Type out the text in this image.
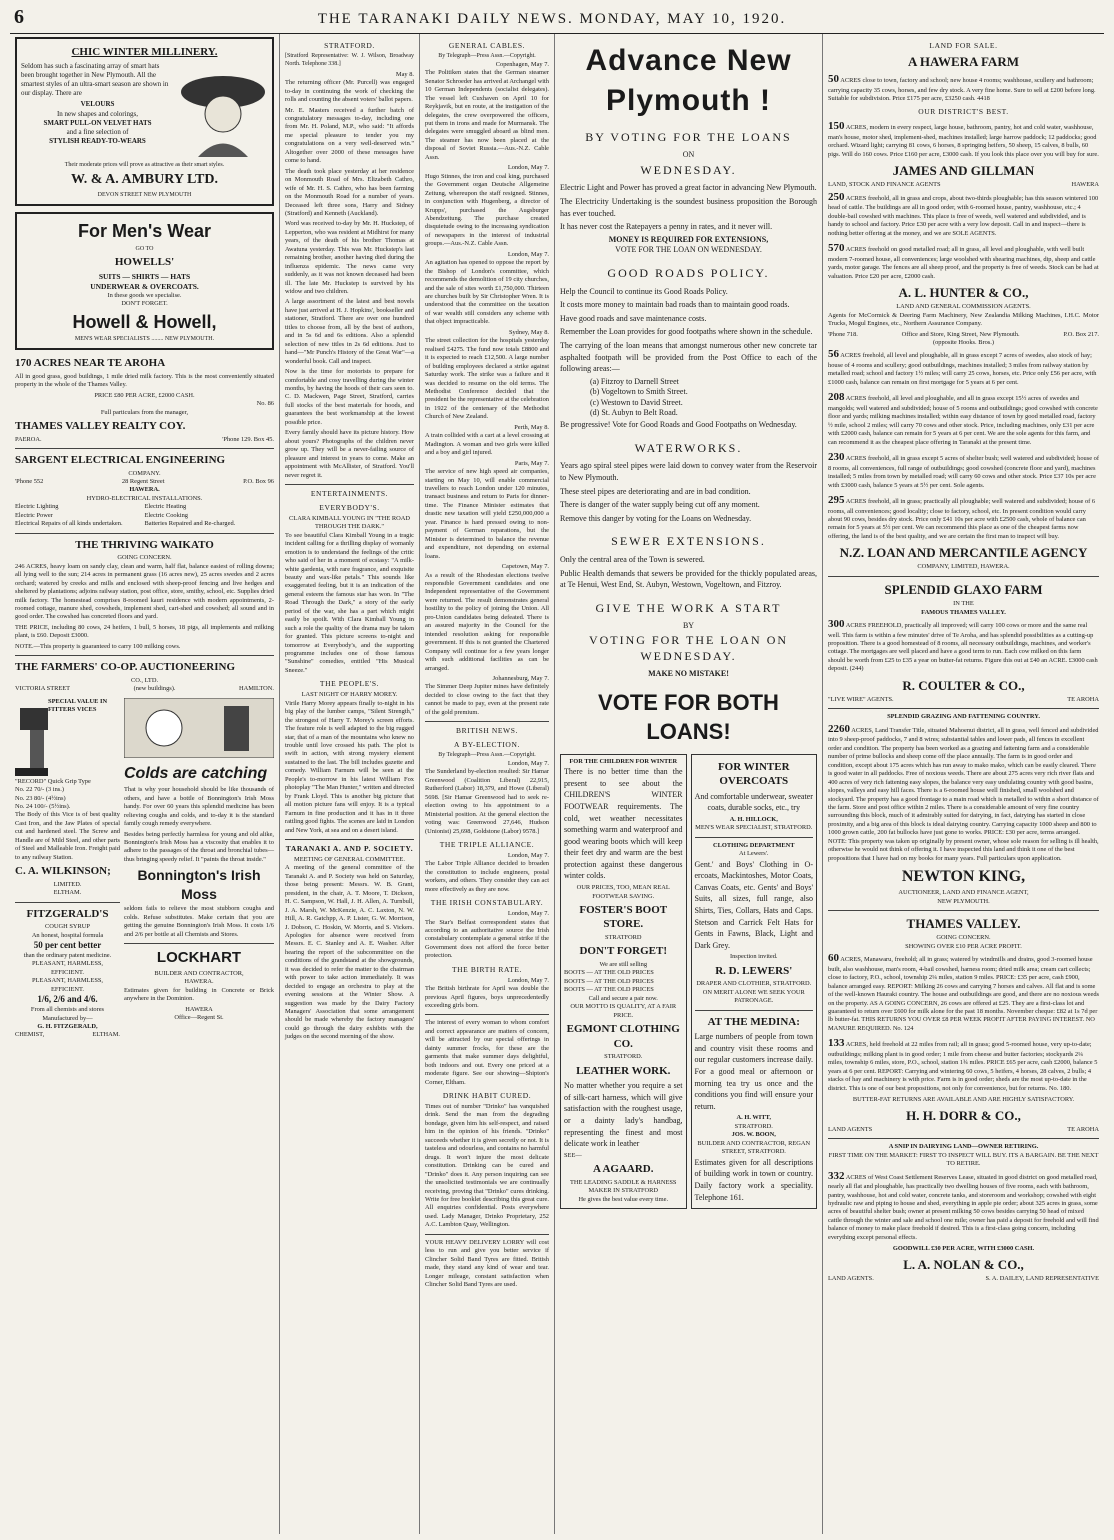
6	THE TARANAKI DAILY NEWS. MONDAY, MAY 10, 1920.
CHIC WINTER MILLINERY.

Seldom has such a fascinating array of smart hats been brought together in New Plymouth. All the smartest styles of an ultra-smart season are shown in our display. There are

VELOURS
In new shapes and colorings,
SMART PULL-ON VELVET HATS
and a fine selection of
STYLISH READY-TO-WEARS

Their moderate prices will prove as attractive as their smart styles.

W. & A. AMBURY LTD.
DEVON STREET NEW PLYMOUTH
For Men's Wear
GO TO
HOWELLS'
SUITS — SHIRTS — HATS
UNDERWEAR & OVERCOATS.
In these goods we specialise.
DON'T FORGET.
Howell & Howell,
MEN'S WEAR SPECIALISTS ........ NEW PLYMOUTH.
170 ACRES NEAR TE AROHA

All in good grass, good buildings, 1 mile dried milk factory. This is the most conveniently situated property in the whole of the Thames Valley.

PRICE £80 PER ACRE, £2000 CASH.
No. 86
Full particulars from the manager,
THAMES VALLEY REALTY COY.
PAEROA.	'Phone 129. Box 45.
SARGENT ELECTRICAL ENGINEERING
COMPANY.
'Phone 552	28 Regent Street	P.O. Box 96
HAWERA.
HYDRO-ELECTRICAL INSTALLATIONS.
Electric Lighting	Electric Heating
Electric Power	Electric Cooking
Electrical Repairs of all kinds undertaken.	Batteries Repaired and Re-charged.
THE THRIVING WAIKATO
GOING CONCERN.

246 ACRES, heavy loam on sandy clay, clean and warm, half flat, balance easiest of rolling downs; all lying well to the sun; 214 acres in permanent grass (16 acres new), 25 acres swedes and 2 acres orchard; watered by creeks and mills and enclosed with sheep-proof fencing and live hedges and sheltered by plantations; adjoins railway station, post office, store, smithy, school, etc. Supplies dried milk factory. The homestead comprises 8-roomed kauri residence with modern appointments, 2-roomed cottage, manure shed, cowsheds, implement shed, cart-shed and cowshed; all sound and in good order. The cowshed has concreted floors and yard.

THE PRICE, including 80 cows, 24 heifers, 1 bull, 5 horses, 18 pigs, all implements and milking plant, is £60. Deposit £3000.

NOTE.—This property is guaranteed to carry 100 milking cows.

THE FARMERS' CO-OP. AUCTIONEERING
CO., LTD.
VICTORIA STREET	(new buildings).	HAMILTON.
SPECIAL VALUE IN FITTERS VICES
"RECORD" Quick Grip Type
No. 22 70/- (3 ins.)
No. 23 80/- (4½ins)
No. 24 100/- (5½ins).

The Body of this Vice is of best quality Cast Iron, and the Jaw Plates of special cut and hardened steel. The Screw and Handle are of Mild Steel, and other parts of Steel and Malleable Iron. Freight paid to any railway Station.

C. A. WILKINSON;
LIMITED.
ELTHAM.
FITZGERALD'S
COUGH SYRUP
An honest, hospital formula
50 per cent better
than the ordinary patent medicine.
PLEASANT, HARMLESS, EFFICIENT.
PLEASANT, HARMLESS, EFFICIENT.
1/6, 2/6 and 4/6.
From all chemists and stores
Manufactured by—
G. H. FITZGERALD,
CHEMIST,	ELTHAM.
Colds are catching

That is why your household should be like thousands of others, and have a bottle of Bonnington's Irish Moss handy. For over 60 years this splendid medicine has been relieving coughs and colds, and to-day it is the standard family cough remedy everywhere.

Besides being perfectly harmless for young and old alike, Bonnington's Irish Moss has a viscosity that enables it to adhere to the passages of the throat and bronchial tubes—thus bringing speedy relief. It "paints the throat inside."

Bonnington's Irish Moss

seldom fails to relieve the most stubborn coughs and colds. Refuse substitutes. Make certain that you are getting the genuine Bonnington's Irish Moss. It costs 1/6 and 2/6 per bottle at all Chemists and Stores.

LOCKHART
BUILDER AND CONTRACTOR,
HAWERA.

Estimates given for building in Concrete or Brick anywhere in the Dominion.

HAWERA
Office—Regent St.
STRATFORD.

[Stratford Representative: W. J. Wilson, Broadway North. Telephone 338.]

May 8.

The returning officer (Mr. Purcell) was engaged to-day in continuing the work of checking the rolls and counting the absent voters' ballot papers.

Mr. E. Masters received a further batch of congratulatory messages to-day, including one from Mr. H. Poland, M.P., who said: "It affords me special pleasure to tender you my congratulations on a very well-deserved win." Altogether over 2000 of these messages have come to hand.

The death took place yesterday at her residence on Monmouth Road of Mrs. Elizabeth Cathro, wife of Mr. H. S. Cathro, who has been farming on the Monmouth Road for a number of years. Deceased left three sons, Harry and Sidney (Stratford) and Kenneth (Auckland).

Word was received to-day by Mr. H. Huckstep, of Lepperton, who was resident at Midhirst for many years, of the death of his brother Thomas at Awatuna yesterday. This was Mr. Huckstep's last remaining brother, another having died during the influenza epidemic. The news came very suddenly, as it was not known deceased had been ill. The late Mr. Huckstep is survived by his widow and two children.

A large assortment of the latest and best novels have just arrived at H. J. Hopkins', bookseller and stationer, Stratford. There are over one hundred titles to choose from, all by the best of authors, and in 5s 6d and 6s editions. Also a splendid selection of new titles in 2s 6d editions. Just to hand—"Mr Punch's History of the Great War"—a wonderful book. Call and inspect.

Now is the time for motorists to prepare for comfortable and cosy travelling during the winter months, by having the hoods of their cars seen to. C. D. Mackwen, Page Street, Stratford, carries full stocks of the best materials for hoods, and guarantees the best workmanship at the lowest possible price.

Every family should have its picture history. How about yours? Photographs of the children never grow up. They will be a never-failing source of pleasure and interest in years to come. Make an appointment with McAllister, of Stratford. You'll never regret it.

ENTERTAINMENTS.
EVERYBODY'S.
CLARA KIMBALL YOUNG IN "THE ROAD THROUGH THE DARK."

To see beautiful Clara Kimball Young in a tragic incident calling for a thrilling display of womanly emotion is to understand the feelings of the critic who said of her in a moment of ecstasy: "A milk-white gardenia, with rare fragrance, and exquisite beauty and wax-like petals." This sounds like exaggerated feeling, but it is an indication of the general esteem the famous star has won. In "The Road Through the Dark," a story of the early period of the war, she has a part which might easily be spoilt. With Clara Kimball Young in such a role the quality of the drama may be taken for granted. This picture screens to-night and tomorrow at Everybody's, and the supporting programme includes one of those famous "Sunshine" comedies, entitled "His Musical Sneeze."

THE PEOPLE'S.
LAST NIGHT OF HARRY MOREY.

Virile Harry Morey appears finally to-night in his big play of the lumber camps, "Silent Strength," the strongest of Harry T. Morey's screen efforts. The feature role is well adapted to the big rugged star, that of a man of the mountains who knew no trouble until love crossed his path. The plot is swift in action, with strong mystery element sustained to the last. The bill includes gazette and comedy. William Farnum will be seen at the People's to-morrow in his latest William Fox photoplay "The Man Hunter," written and directed by Frank Lloyd. This is another big picture that all motion picture fans will enjoy. It is a typical Farnum in fine production and it has in it three rattling good fights. The scenes are laid in London and New York, at sea and on a desert island.

TARANAKI A. AND P. SOCIETY.
MEETING OF GENERAL COMMITTEE.

A meeting of the general committee of the Taranaki A. and P. Society was held on Saturday, those being present: Messrs. W. B. Grant, president, in the chair, A. T. Moore, T. Dickson, H. C. Sampson, W. Hall, J. H. Allen, A. Turnbull, J. A. Marsh, W. McKenzie, A. C. Laxton, N. W. Hill, A. R. Gatchpp, A. P. Lister, G. W. Morrison, J. Dobson, C. Hoskin, W. Morris, and S. Vickers. Apologies for absence were received from Messrs. E. C. Stanley and A. E. Washer. After hearing the report of the subcommittee on the conditions of the grandstand at the showgrounds, it was decided to refer the matter to the chairman with power to take action immediately. It was decided to engage an orchestra to play at the evening sessions at the Winter Show. A suggestion was made by the Dairy Factory Managers' Association that some arrangement should be made whereby the factory managers' could go through the dairy exhibits with the judges on the second morning of the show.

GENERAL CABLES.
By Telegraph—Press Assn.—Copyright.
Copenhagen, May 7.

The Politiken states that the German steamer Senator Schroeder has arrived at Archangel with 10 German Independents (socialist delegates). The vessel left Cuxhaven on April 10 for Reykjavik, but en route, at the instigation of the delegates, the crew overpowered the officers, put them in irons and made for Murmansk. The delegates were smuggled aboard as blind men. The steamer has now been placed at the disposal of Soviet Russia.—Aus.-N.Z. Cable Assn.

London, May 7.

Hugo Stinnes, the iron and coal king, purchased the Government organ Deutsche Allgemeine Zeitung, whereupon the staff resigned. Stinnes, in conjunction with Hugenberg, a director of Krupps', purchased the Augsburger Abendzeitung. The purchase created disquietude owing to the increasing syndication of newspapers in the interest of industrial groups.—Aus.-N.Z. Cable Assn.

London, May 7.

An agitation has opened to oppose the report by the Bishop of London's committee, which recommends the demolition of 19 city churches, and the sale of sites worth £1,750,000. Thirteen are churches built by Sir Christopher Wren. It is understood that the committee on the taxation of war wealth still considers any scheme with that object impracticable.

Sydney, May 8.

The street collection for the hospitals yesterday realised £4275. The fund now totals £8800 and it is expected to reach £12,500. A large number of building employees declared a strike against Saturday work. The strike was a failure and it was decided to resume on the old terms. The Methodist Conference decided that the president be the representative at the celebration in 1922 of the centenary of the Methodist Church of New Zealand.

Perth, May 8.

A train collided with a cart at a level crossing at Madington. A woman and two girls were killed and a boy and girl injured.

Paris, May 7.

The service of new high speed air companies, starting on May 10, will enable commercial travellers to reach London under 120 minutes, transact business and return to Paris for dinner-time. The Finance Minister estimates that drastic new taxation will yield £250,000,000 a year. Finance is hard pressed owing to non-payment of German reparations, but the Minister is determined to balance the revenue and expenditure, not depending on external loans.

Capetown, May 7.

As a result of the Rhodesian elections twelve responsible Government candidates and one Independent representative of the Government were returned. The result demonstrates general hostility to the policy of joining the Union. All pro-Union candidates being defeated. There is an assured majority in the Council for the intended resolution asking for responsible government. If this is not granted the Chartered Company will continue for a few years longer with such additional facilities as can be arranged.

Johannesburg, May 7.

The Simmer Deep Jupiter mines have definitely decided to close owing to the fact that they cannot be made to pay, even at the present rate of the gold premium.

BRITISH NEWS.
A BY-ELECTION.
By Telegraph—Press Assn.—Copyright.
London, May 7.

The Sunderland by-election resulted: Sir Hamar Greenwood (Coalition Liberal) 22,915, Rutherford (Labor) 18,379, and Howe (Liberal) 5698. [Sir Hamar Greenwood had to seek re-election owing to his appointment to a Ministerial position. At the general election the voting was: Greenwood 27,646, Hudson (Unionist) 25,698, Goldstone (Labor) 9578.]

THE TRIPLE ALLIANCE.
London, May 7.

The Labor Triple Alliance decided to broaden the constitution to include engineers, postal workers, and others. They consider they can act more effectively as they are now.

THE IRISH CONSTABULARY.
London, May 7.

The Star's Belfast correspondent states that according to an authoritative source the Irish constabulary contemplate a general strike if the Government does not afford the force better protection.

THE BIRTH RATE.
London, May 7.

The British birthrate for April was double the previous April figures, boys unprecedentedly exceeding girls born.

The interest of every woman to whom comfort and correct appearance are matters of concern, will be attracted by our special offerings in dainty summer frocks, for these are the garments that make summer days delightful, both indoors and out. Every one priced at a moderate figure. See our showing—Shipton's Corner, Eltham.

DRINK HABIT CURED.

Times out of number "Drinko" has vanquished drink. Send the man from the degrading bondage, given him his self-respect, and raised him in the opinion of his friends. "Drinko" succeeds whether it is given secretly or not. It is tasteless and odourless, and contains no harmful drugs. It won't injure the most delicate constitution. Drinking can be cured and "Drinko" does it. Any person inquiring can see the unsolicited testimonials we are continually receiving, proving that "Drinko" cures drinking. Write for free booklet describing this great cure. All enquiries confidential. Posts everywhere used. Lady Manager, Drinko Proprietary, 252 A.C. Lambton Quay, Wellington.

YOUR HEAVY DELIVERY LORRY will cost less to run and give you better service if Clincher Solid Band Tyres are fitted. British made, they stand any kind of wear and tear. Longer mileage, constant satisfaction when Clincher Solid Band Tyres are used.

Advance New Plymouth !
BY VOTING FOR THE LOANS
ON
WEDNESDAY.

Electric Light and Power has proved a great factor in advancing New Plymouth.

The Electricity Undertaking is the soundest business proposition the Borough has ever touched.

It has never cost the Ratepayers a penny in rates, and it never will.

MONEY IS REQUIRED FOR EXTENSIONS,
VOTE FOR THE LOAN ON WEDNESDAY.
GOOD ROADS POLICY.

Help the Council to continue its Good Roads Policy.

It costs more money to maintain bad roads than to maintain good roads.

Have good roads and save maintenance costs.

Remember the Loan provides for good footpaths where shown in the schedule.

The carrying of the loan means that amongst numerous other new concrete tar asphalted footpath will be provided from the Post Office to each of the following areas:—

(a) Fitzroy to Darnell Street
(b) Vogeltown to Smith Street.
(c) Westown to David Street.
(d) St. Aubyn to Belt Road.

Be progressive! Vote for Good Roads and Good Footpaths on Wednesday.

WATERWORKS.

Years ago spiral steel pipes were laid down to convey water from the Reservoir to New Plymouth.

These steel pipes are deteriorating and are in bad condition.

There is danger of the water supply being cut off any moment.

Remove this danger by voting for the Loans on Wednesday.

SEWER EXTENSIONS.

Only the central area of the Town is sewered.

Public Health demands that sewers be provided for the thickly populated areas, at Te Henui, West End, St. Aubyn, Westown, Vogeltown, and Fitzroy.

GIVE THE WORK A START
BY
VOTING FOR THE LOAN ON WEDNESDAY.
MAKE NO MISTAKE!
VOTE FOR BOTH LOANS!
FOR THE CHILDREN FOR WINTER

There is no better time than the present to see about the CHILDREN'S WINTER FOOTWEAR requirements. The cold, wet weather necessitates something warm and waterproof and good wearing boots which will keep their feet dry and warm are the best protection against these dangerous winter colds.

OUR PRICES, TOO, MEAN REAL FOOTWEAR SAVING.
FOSTER'S BOOT STORE.
STRATFORD
DON'T FORGET!
We are still selling
BOOTS — AT THE OLD PRICES
BOOTS — AT THE OLD PRICES
BOOTS — AT THE OLD PRICES
Call and secure a pair now.
OUR MOTTO IS QUALITY, AT A FAIR PRICE.
EGMONT CLOTHING CO.
STRATFORD.
LEATHER WORK.

No matter whether you require a set of silk-cart harness, which will give satisfaction with the roughest usage, or a dainty lady's handbag, representing the finest and most delicate work in leather

SEE—
A AGAARD.
THE LEADING SADDLE & HARNESS MAKER IN STRATFORD
He gives the best value every time.
FOR WINTER OVERCOATS

And comfortable underwear, sweater coats, durable socks, etc., try

A. H. HILLOCK,
MEN'S WEAR SPECIALIST, STRATFORD.
CLOTHING DEPARTMENT
At Lewers'.

Gent.' and Boys' Clothing in O-ercoats, Mackintoshes, Motor Coats, Canvas Coats, etc. Gents' and Boys' Suits, all sizes, full range, also Shirts, Ties, Collars, Hats and Caps. Stetson and Carrick Felt Hats for Gents in Fawns, Black, Light and Dark Grey.

Inspection invited.
R. D. LEWERS'
DRAPER AND CLOTHIER, STRATFORD.
ON MERIT ALONE WE SEEK YOUR PATRONAGE.
AT THE MEDINA:

Large numbers of people from town and country visit these rooms and our regular customers increase daily. For a good meal or afternoon or morning tea try us once and the conditions you find will ensure your return.

A. H. WITT,
STRATFORD.
JOS. W. BOON,
BUILDER AND CONTRACTOR, REGAN STREET, STRATFORD.

Estimates given for all descriptions of building work in town or country. Daily factory work a speciality. Telephone 161.

LAND FOR SALE.
A HAWERA FARM
50 ACRES close to town, factory and school; new house 4 rooms; washhouse, scullery and bathroom; carrying capacity 35 cows, horses, and few dry stock. A very fine home. Sure to sell at £200 before long. Suitable for subdivision. Price £175 per acre, £3250 cash. 4418
OUR DISTRICT'S BEST.
150 ACRES, modern in every respect, large house, bathroom, pantry, hot and cold water, washhouse, man's house, motor shed, implement-shed, machines installed; large harrow paddock; 12 paddocks; good orchard. Wizard light; carrying 81 cows, 6 horses, 8 springing heifers, 50 sheep, 15 calves, 8 bulls, 60 pigs. Will do 160 cows. Price £160 per acre, £3000 cash. If you look this place over you will buy for sure.
JAMES AND GILLMAN
LAND, STOCK AND FINANCE AGENTS	HAWERA
250 ACRES freehold, all in grass and crops, about two-thirds ploughable; has this season wintered 100 head of cattle. The buildings are all in good order, with 6-roomed house, pantry, washhouse, etc.; 4 double-bail cowshed with machines. This place is free of weeds, well watered and subdivided, and is handy to school and factory. Price £30 per acre with a very low deposit. Call in and inspect—there is nothing better offering at the money, and we are SOLE AGENTS.
570 ACRES freehold on good metalled road; all in grass, all level and ploughable, with well built modern 7-roomed house, all conveniences; large woolshed with shearing machines, dip, sheep and cattle yards, motor garage. The fences are all sheep proof, and the property is free of weeds. Stock can be had at valuation. Price £20 per acre, £2000 cash.
A. L. HUNTER & CO.,
LAND AND GENERAL COMMISSION AGENTS.

Agents for McCormick & Deering Farm Machinery, New Zealandia Milking Machines, I.H.C. Motor Trucks, Mogul Engines, etc., Northern Assurance Company.

'Phone 718.	Office and Store, King Street, New Plymouth.	P.O. Box 217.
(opposite Hooks. Bros.)
56 ACRES freehold, all level and ploughable, all in grass except 7 acres of swedes, also stock of hay; house of 4 rooms and scullery; good outbuildings, machines installed; 3 miles from railway station by metalled road; school and factory 1½ miles; will carry 25 cows, horses, etc. Price only £56 per acre, with £1000 cash, balance can remain on first mortgage for 5 years at 6 per cent.
208 ACRES freehold, all level and ploughable, and all in grass except 15½ acres of swedes and mangolds; well watered and subdivided; house of 5 rooms and outbuildings; good cowshed with concrete floor and yards; milking machines installed; within easy distance of town by good metalled road, factory ½ mile, school 2 miles; will carry 70 cows and other stock. Price, including machines, only £31 per acre with £2000 cash, balance can remain for 5 years at 6 per cent. We are the sole agents for this farm, and can recommend it as the cheapest place offering in Taranaki at the present time.
230 ACRES freehold, all in grass except 5 acres of shelter bush; well watered and subdivided; house of 8 rooms, all conveniences, full range of outbuildings; good cowshed (concrete floor and yard), machines installed; 5 miles from town by metalled road; will carry 60 cows and other stock. Price £37 10s per acre with £3000 cash, balance 5 years at 5½ per cent. Sole agents.
295 ACRES freehold, all in grass; practically all ploughable; well watered and subdivided; house of 6 rooms, all conveniences; good locality; close to factory, school, etc. In present condition would carry about 90 cows, besides dry stock. Price only £41 10s per acre with £2500 cash, whole of balance can remain for 5 years at 5½ per cent. We can recommend this place as one of the cheapest farms now offering, the land is of the best quality, and we are certain the first man to inspect will buy.
N.Z. LOAN AND MERCANTILE AGENCY
COMPANY, LIMITED, HAWERA.
SPLENDID GLAXO FARM
IN THE
FAMOUS THAMES VALLEY.
300 ACRES FREEHOLD, practically all improved; will carry 100 cows or more and the same real well. This farm is within a few minutes' drive of Te Aroha, and has splendid possibilities as a cutting-up proposition. There is a good homestead of 8 rooms, all necessary outbuildings, machines, and worker's cottage. The mortgages are well placed and have a good term to run. Each cow milked on this farm should be worth from £25 to £35 a year on butter-fat returns. Figure this out at £40 an ACRE. £3000 cash deposit. (244)
R. COULTER & CO.,
"LIVE WIRE" AGENTS.	TE AROHA
SPLENDID GRAZING AND FATTENING COUNTRY.
2260 ACRES, Land Transfer Title, situated Mahoenui district, all in grass, well fenced and subdivided into 9 sheep-proof paddocks, 7 and 8 wires; substantial tables and lower pads, all fences in excellent order and condition. The property has been worked as a grazing and fattening farm and a considerable number of prime bullocks and sheep come off the place annually. The farm is in good order and condition, except about 175 acres which has run away to mako mako, which can be easily cleared. There is good water in all paddocks. Free of noxious weeds. There are about 275 acres very rich river flats and 400 acres of very rich fattening easy slopes, the balance very easy undulating country with good basins, slopes, valleys and easy hill faces. There is a 6-roomed house well finished, small woolshed and stockyard. The property has a good frontage to a main road which is metalled to within a short distance of the farm. Store and post office within 2 miles. There is a considerable amount of very fine country surrounding this block, much of it admirably suited for dairying, in fact, dairying has started in close proximity, and a big area of this block is ideal dairying country. Carrying capacity 1000 sheep and 800 to 1000 grown cattle, 200 fat bullocks have just gone to works. PRICE: £30 per acre, terms arranged. NOTE: This property was taken up originally by present owner, whose sole reason for selling is ill health, otherwise he would not think of offering it. I have inspected this land and think it one of the best propositions that I have had on my books for many years. Full particulars upon application.
NEWTON KING,
AUCTIONEER, LAND AND FINANCE AGENT,
NEW PLYMOUTH.
THAMES VALLEY.
GOING CONCERN.
SHOWING OVER £10 PER ACRE PROFIT.
60 ACRES, Manawaru, freehold; all in grass; watered by windmills and drains, good 3-roomed house built, also washhouse, man's room, 4-bail cowshed, harness room; dried milk area; cream cart collects; close to factory, P.O., school, township 2¼ miles, station 9 miles. PRICE: £35 per acre, cash £900, balance arranged easy. REPORT: Milking 26 cows and carrying 7 horses and calves. All flat and is some of the well-known Hauraki country. The house and outbuildings are good, and there are no noxious weeds on the property. AS A GOING CONCERN, 26 cows are offered at £25. They are a first-class lot and guaranteed to return over £600 for milk alone for the past 18 months. November cheque: £82 at 1s 7d per lb butter-fat. THIS RETURNS YOU OVER £8 PER WEEK PROFIT AFTER PAYING INTEREST. NO MANURE REQUIRED. No. 124
133 ACRES, held freehold at 22 miles from rail; all in grass; good 5-roomed house, very up-to-date; outbuildings; milking plant is in good order; 1 mile from cheese and butter factories; stockyards 2¼ miles, township 6 miles, store, P.O., school, station 1¾ miles. PRICE £65 per acre, cash £2000, balance 5 years at 6 per cent. REPORT: Carrying and wintering 60 cows, 5 heifers, 4 horses, 28 calves, 2 bulls; 4 stacks of hay and machinery is with price. Farm is in good order; sheds are the most up-to-date in the district. This is one of our best propositions, not only for convenience, but for returns. No. 180.
BUTTER-FAT RETURNS ARE AVAILABLE AND ARE HIGHLY SATISFACTORY.
H. H. DORR & CO.,
LAND AGENTS	TE AROHA
A SNIP IN DAIRYING LAND—OWNER RETIRING.
FIRST TIME ON THE MARKET: FIRST TO INSPECT WILL BUY. ITS A BARGAIN. BE THE NEXT TO RETIRE.
332 ACRES of West Coast Settlement Reserves Lease, situated in good district on good metalled road, nearly all flat and ploughable, has practically two dwelling houses of five rooms, each with bathroom, pantry, washhouse, hot and cold water, concrete tanks, and storeroom and workshop; cowshed with eight hydraulic raw and piping to house and shed, everything in apple pie order; about 325 acres in grass, some acres of beautiful shelter bush; owner at present milking 50 cows besides carrying 50 head of mixed cattle through the winter and sale and school one mile; owner has paid a deposit for freehold and will find balance of money to make place freehold if desired. This is a first-class going concern, including everything except personal effects.
GOODWILL £30 PER ACRE, WITH £3000 CASH.
L. A. NOLAN & CO.,
LAND AGENTS.	S. A. DAILEY, LAND REPRESENTATIVE
